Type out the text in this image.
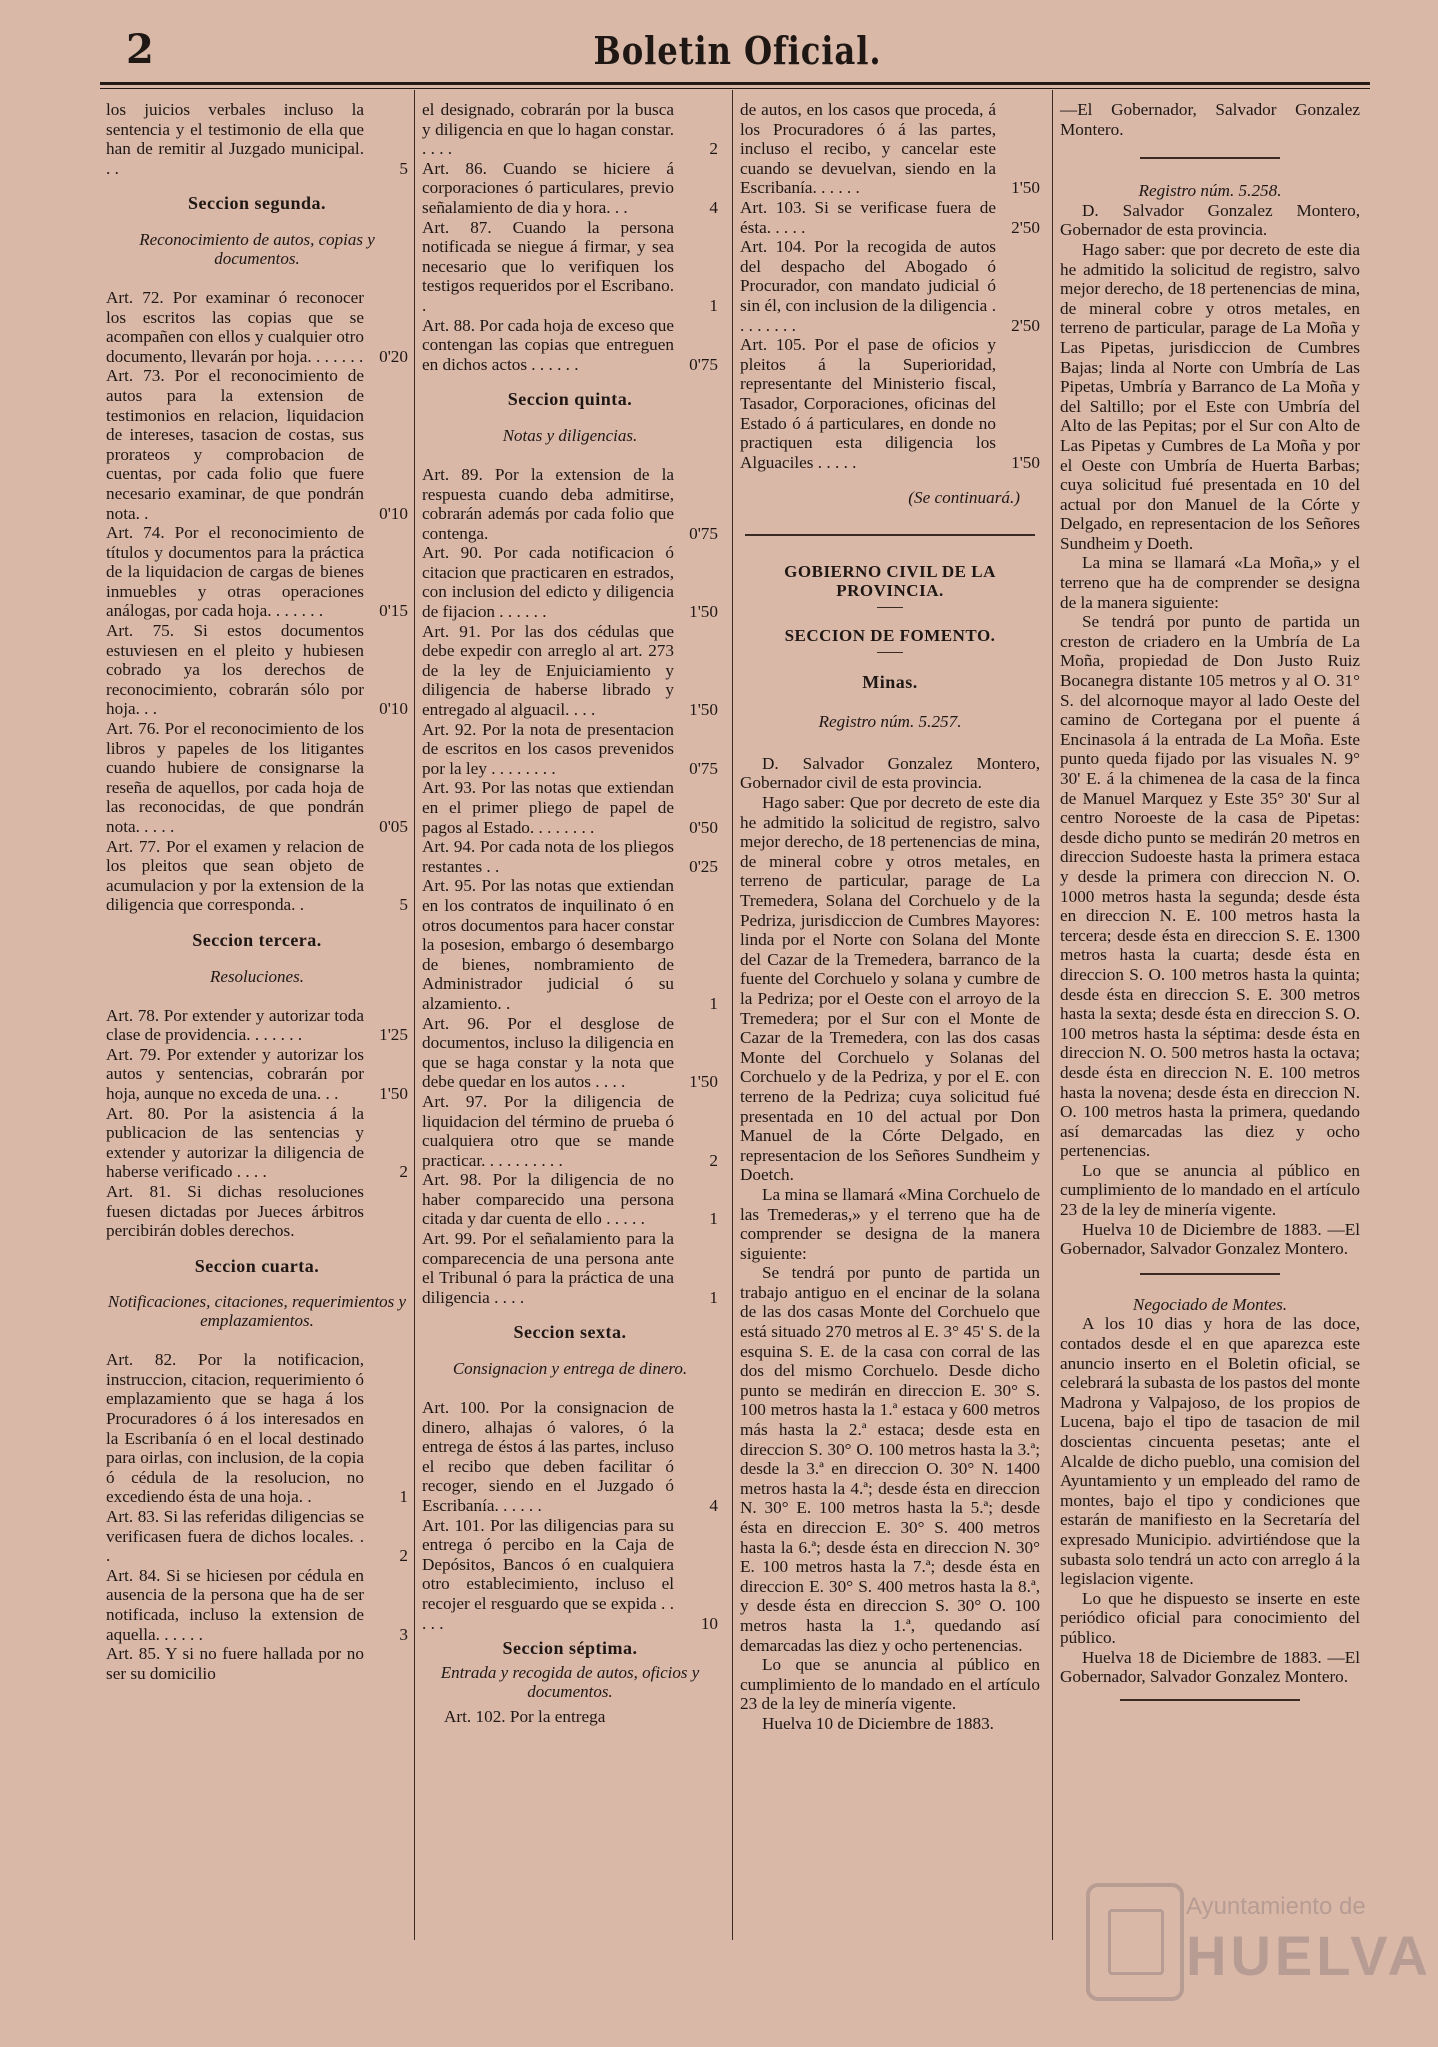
2	Boletin Oficial.
los juicios verbales incluso la sentencia y el testimonio de ella que han de remitir al Juzgado municipal. . .	5
Seccion segunda.
Reconocimiento de autos, copias y documentos.
Art. 72. Por examinar ó reconocer los escritos las copias que se acompañen con ellos y cualquier otro documento, llevarán por hoja. . . . . . . 0'20
Art. 73. Por el reconocimiento de autos para la extension de testimonios en relacion, liquidacion de intereses, tasacion de costas, sus prorateos y comprobacion de cuentas, por cada folio que fuere necesario examinar, de que pondrán nota. .	0'10
Art. 74. Por el reconocimiento de títulos y documentos para la práctica de la liquidacion de cargas de bienes inmuebles y otras operaciones análogas, por cada hoja. . . . . . .	0'15
Art. 75. Si estos documentos estuviesen en el pleito y hubiesen cobrado ya los derechos de reconocimiento, cobrarán sólo por hoja. . .	0'10
Art. 76. Por el reconocimiento de los libros y papeles de los litigantes cuando hubiere de consignarse la reseña de aquellos, por cada hoja de las reconocidas, de que pondrán nota. . . . .	0'05
Art. 77. Por el examen y relacion de los pleitos que sean objeto de acumulacion y por la extension de la diligencia que corresponda. .	5
Seccion tercera.
Resoluciones.
Art. 78. Por extender y autorizar toda clase de providencia. . . . . . .	1'25
Art. 79. Por extender y autorizar los autos y sentencias, cobrarán por hoja, aunque no exceda de una. . .	1'50
Art. 80. Por la asistencia á la publicacion de las sentencias y extender y autorizar la diligencia de haberse verificado . . . .	2
Art. 81. Si dichas resoluciones fuesen dictadas por Jueces árbitros percibirán dobles derechos.
Seccion cuarta.
Notificaciones, citaciones, requerimientos y emplazamientos.
Art. 82. Por la notificacion, instruccion, citacion, requerimiento ó emplazamiento que se haga á los Procuradores ó á los interesados en la Escribanía ó en el local destinado para oirlas, con inclusion, de la copia ó cédula de la resolucion, no excediendo ésta de una hoja. .	1
Art. 83. Si las referidas diligencias se verificasen fuera de dichos locales. . .	2
Art. 84. Si se hiciesen por cédula en ausencia de la persona que ha de ser notificada, incluso la extension de aquella. . . . . .	3
Art. 85. Y si no fuere hallada por no ser su domicilio
el designado, cobrarán por la busca y diligencia en que lo hagan constar. . . . .	2
Art. 86. Cuando se hiciere á corporaciones ó particulares, previo señalamiento de dia y hora. . .	4
Art. 87. Cuando la persona notificada se niegue á firmar, y sea necesario que lo verifiquen los testigos requeridos por el Escribano. .	1
Art. 88. Por cada hoja de exceso que contengan las copias que entreguen en dichos actos . . . . . .	0'75
Seccion quinta.
Notas y diligencias.
Art. 89. Por la extension de la respuesta cuando deba admitirse, cobrarán además por cada folio que contenga.	0'75
Art. 90. Por cada notificacion ó citacion que practicaren en estrados, con inclusion del edicto y diligencia de fijacion . . . . . .	1'50
Art. 91. Por las dos cédulas que debe expedir con arreglo al art. 273 de la ley de Enjuiciamiento y diligencia de haberse librado y entregado al alguacil. . . .	1'50
Art. 92. Por la nota de presentacion de escritos en los casos prevenidos por la ley . . . . . . . .	0'75
Art. 93. Por las notas que extiendan en el primer pliego de papel de pagos al Estado. . . . . . . .	0'50
Art. 94. Por cada nota de los pliegos restantes . .	0'25
Art. 95. Por las notas que extiendan en los contratos de inquilinato ó en otros documentos para hacer constar la posesion, embargo ó desembargo de bienes, nombramiento de Administrador judicial ó su alzamiento. .	1
Art. 96. Por el desglose de documentos, incluso la diligencia en que se haga constar y la nota que debe quedar en los autos . . . .	1'50
Art. 97. Por la diligencia de liquidacion del término de prueba ó cualquiera otro que se mande practicar. . . . . . . . . .	2
Art. 98. Por la diligencia de no haber comparecido una persona citada y dar cuenta de ello . . . . .	1
Art. 99. Por el señalamiento para la comparecencia de una persona ante el Tribunal ó para la práctica de una diligencia . . . .	1
Seccion sexta.
Consignacion y entrega de dinero.
Art. 100. Por la consignacion de dinero, alhajas ó valores, ó la entrega de éstos á las partes, incluso el recibo que deben facilitar ó recoger, siendo en el Juzgado ó Escribanía. . . . . .	4
Art. 101. Por las diligencias para su entrega ó percibo en la Caja de Depósitos, Bancos ó en cualquiera otro establecimiento, incluso el recojer el resguardo que se expida . . . . .	10
Seccion séptima.
Entrada y recogida de autos, oficios y documentos.

Art. 102. Por la entrega

de autos, en los casos que proceda, á los Procuradores ó á las partes, incluso el recibo, y cancelar este cuando se devuelvan, siendo en la Escribanía. . . . . .	1'50
Art. 103. Si se verificase fuera de ésta. . . . .	2'50
Art. 104. Por la recogida de autos del despacho del Abogado ó Procurador, con mandato judicial ó sin él, con inclusion de la diligencia . . . . . . . .	2'50
Art. 105. Por el pase de oficios y pleitos á la Superioridad, representante del Ministerio fiscal, Tasador, Corporaciones, oficinas del Estado ó á particulares, en donde no practiquen esta diligencia los Alguaciles . . . . .	1'50

(Se continuará.)

GOBIERNO CIVIL DE LA PROVINCIA.
SECCION DE FOMENTO.
Minas.

Registro núm. 5.257.

D. Salvador Gonzalez Montero, Gobernador civil de esta provincia.

Hago saber: Que por decreto de este dia he admitido la solicitud de registro, salvo mejor derecho, de 18 pertenencias de mina, de mineral cobre y otros metales, en terreno de particular, parage de La Tremedera, Solana del Corchuelo y de la Pedriza, jurisdiccion de Cumbres Mayores: linda por el Norte con Solana del Monte del Cazar de la Tremedera, barranco de la fuente del Corchuelo y solana y cumbre de la Pedriza; por el Oeste con el arroyo de la Tremedera; por el Sur con el Monte de Cazar de la Tremedera, con las dos casas Monte del Corchuelo y Solanas del Corchuelo y de la Pedriza, y por el E. con terreno de la Pedriza; cuya solicitud fué presentada en 10 del actual por Don Manuel de la Córte Delgado, en representacion de los Señores Sundheim y Doetch.

La mina se llamará «Mina Corchuelo de las Tremederas,» y el terreno que ha de comprender se designa de la manera siguiente:

Se tendrá por punto de partida un trabajo antiguo en el encinar de la solana de las dos casas Monte del Corchuelo que está situado 270 metros al E. 3° 45' S. de la esquina S. E. de la casa con corral de las dos del mismo Corchuelo. Desde dicho punto se medirán en direccion E. 30° S. 100 metros hasta la 1.ª estaca y 600 metros más hasta la 2.ª estaca; desde esta en direccion S. 30° O. 100 metros hasta la 3.ª; desde la 3.ª en direccion O. 30° N. 1400 metros hasta la 4.ª; desde ésta en direccion N. 30° E. 100 metros hasta la 5.ª; desde ésta en direccion E. 30° S. 400 metros hasta la 6.ª; desde ésta en direccion N. 30° E. 100 metros hasta la 7.ª; desde ésta en direccion E. 30° S. 400 metros hasta la 8.ª, y desde ésta en direccion S. 30° O. 100 metros hasta la 1.ª, quedando así demarcadas las diez y ocho pertenencias.

Lo que se anuncia al público en cumplimiento de lo mandado en el artículo 23 de la ley de minería vigente.

Huelva 10 de Diciembre de 1883.

—El Gobernador, Salvador Gonzalez Montero.

Registro núm. 5.258.

D. Salvador Gonzalez Montero, Gobernador de esta provincia.

Hago saber: que por decreto de este dia he admitido la solicitud de registro, salvo mejor derecho, de 18 pertenencias de mina, de mineral cobre y otros metales, en terreno de particular, parage de La Moña y Las Pipetas, jurisdiccion de Cumbres Bajas; linda al Norte con Umbría de Las Pipetas, Umbría y Barranco de La Moña y del Saltillo; por el Este con Umbría del Alto de las Pepitas; por el Sur con Alto de Las Pipetas y Cumbres de La Moña y por el Oeste con Umbría de Huerta Barbas; cuya solicitud fué presentada en 10 del actual por don Manuel de la Córte y Delgado, en representacion de los Señores Sundheim y Doeth.

La mina se llamará «La Moña,» y el terreno que ha de comprender se designa de la manera siguiente:

Se tendrá por punto de partida un creston de criadero en la Umbría de La Moña, propiedad de Don Justo Ruiz Bocanegra distante 105 metros y al O. 31° S. del alcornoque mayor al lado Oeste del camino de Cortegana por el puente á Encinasola á la entrada de La Moña. Este punto queda fijado por las visuales N. 9° 30' E. á la chimenea de la casa de la finca de Manuel Marquez y Este 35° 30' Sur al centro Noroeste de la casa de Pipetas: desde dicho punto se medirán 20 metros en direccion Sudoeste hasta la primera estaca y desde la primera con direccion N. O. 1000 metros hasta la segunda; desde ésta en direccion N. E. 100 metros hasta la tercera; desde ésta en direccion S. E. 1300 metros hasta la cuarta; desde ésta en direccion S. O. 100 metros hasta la quinta; desde ésta en direccion S. E. 300 metros hasta la sexta; desde ésta en direccion S. O. 100 metros hasta la séptima: desde ésta en direccion N. O. 500 metros hasta la octava; desde ésta en direccion N. E. 100 metros hasta la novena; desde ésta en direccion N. O. 100 metros hasta la primera, quedando así demarcadas las diez y ocho pertenencias.

Lo que se anuncia al público en cumplimiento de lo mandado en el artículo 23 de la ley de minería vigente.

Huelva 10 de Diciembre de 1883. —El Gobernador, Salvador Gonzalez Montero.

Negociado de Montes.

A los 10 dias y hora de las doce, contados desde el en que aparezca este anuncio inserto en el Boletin oficial, se celebrará la subasta de los pastos del monte Madrona y Valpajoso, de los propios de Lucena, bajo el tipo de tasacion de mil doscientas cincuenta pesetas; ante el Alcalde de dicho pueblo, una comision del Ayuntamiento y un empleado del ramo de montes, bajo el tipo y condiciones que estarán de manifiesto en la Secretaría del expresado Municipio. advirtiéndose que la subasta solo tendrá un acto con arreglo á la legislacion vigente.

Lo que he dispuesto se inserte en este periódico oficial para conocimiento del público.

Huelva 18 de Diciembre de 1883. —El Gobernador, Salvador Gonzalez Montero.

Ayuntamiento de
HUELVA
